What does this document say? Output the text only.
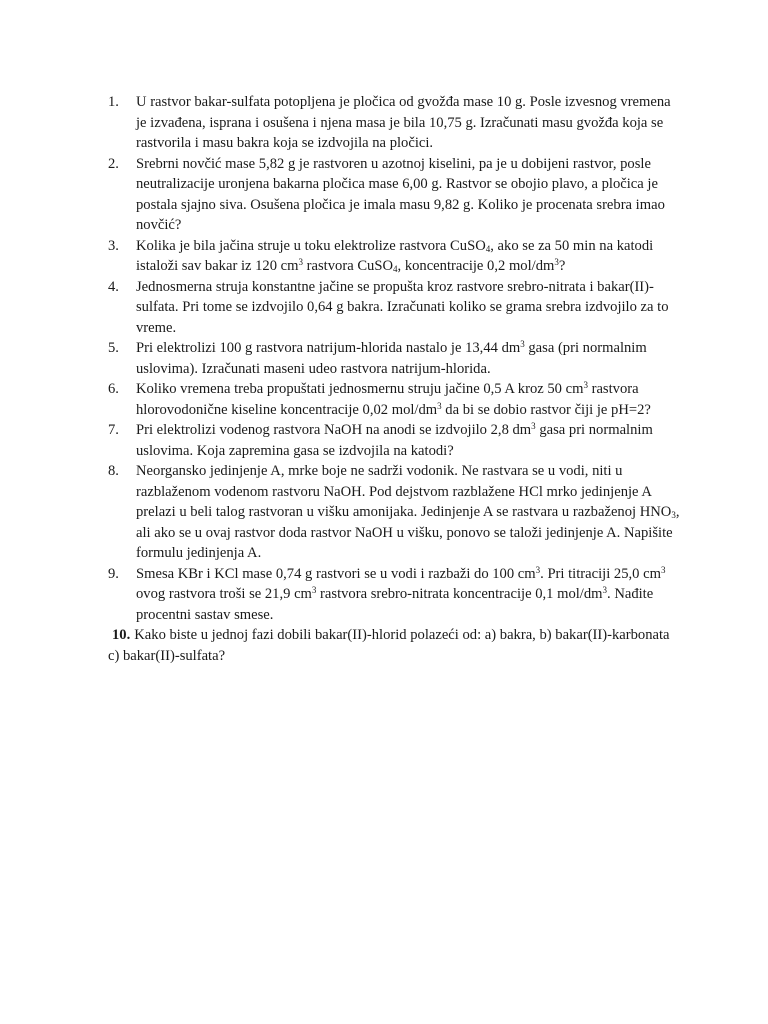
1. U rastvor bakar-sulfata potopljena je pločica od gvožđa mase 10 g. Posle izvesnog vremena je izvađena, isprana i osušena i njena masa je bila 10,75 g. Izračunati masu gvožđa koja se rastvorila i masu bakra koja se izdvojila na pločici.
2. Srebrni novčić mase 5,82 g je rastvoren u azotnoj kiselini, pa je u dobijeni rastvor, posle neutralizacije uronjena bakarna pločica mase 6,00 g. Rastvor se obojio plavo, a pločica je postala sjajno siva. Osušena pločica je imala masu 9,82 g. Koliko je procenata srebra imao novčić?
3. Kolika je bila jačina struje u toku elektrolize rastvora CuSO$_4$, ako se za 50 min na katodi istaloži sav bakar iz 120 $cm^3$ rastvora CuSO$_4$, koncentracije 0,2 mol/$dm^3$?
4. Jednosmerna struja konstantne jačine se propušta kroz rastvore srebro-nitrata i bakar(II)-sulfata. Pri tome se izdvojilo 0,64 g bakra. Izračunati koliko se grama srebra izdvojilo za to vreme.
5. Pri elektrolizi 100 g rastvora natrijum-hlorida nastalo je 13,44 $dm^3$ gasa (pri normalnim uslovima). Izračunati maseni udeo rastvora natrijum-hlorida.
6. Koliko vremena treba propuštati jednosmernu struju jačine 0,5 A kroz 50 $cm^3$ rastvora hlorovodonične kiseline koncentracije 0,02 mol/$dm^3$ da bi se dobio rastvor čiji je pH=2?
7. Pri elektrolizi vodenog rastvora NaOH na anodi se izdvojilo 2,8 $dm^3$ gasa pri normalnim uslovima. Koja zapremina gasa se izdvojila na katodi?
8. Neorgansko jedinjenje A, mrke boje ne sadrži vodonik. Ne rastvara se u vodi, niti u razblaženom vodenom rastvoru NaOH. Pod dejstvom razblažene HCl mrko jedinjenje A prelazi u beli talog rastvoran u višku amonijaka. Jedinjenje A se rastvara u razbaženoj $HNO_3$, ali ako se u ovaj rastvor doda rastvor NaOH u višku, ponovo se taloži jedinjenje A. Napišite formulu jedinjenja A.
9. Smesa KBr i KCl mase 0,74 g rastvori se u vodi i razbaži do 100 $cm^3$. Pri titraciji 25,0 $cm^3$ ovog rastvora troši se 21,9 $cm^3$ rastvora srebro-nitrata koncentracije 0,1 mol/$dm^3$. Nađite procentni sastav smese.
10. Kako biste u jednoj fazi dobili bakar(II)-hlorid polazeći od: a) bakra, b) bakar(II)-karbonata c) bakar(II)-sulfata?
